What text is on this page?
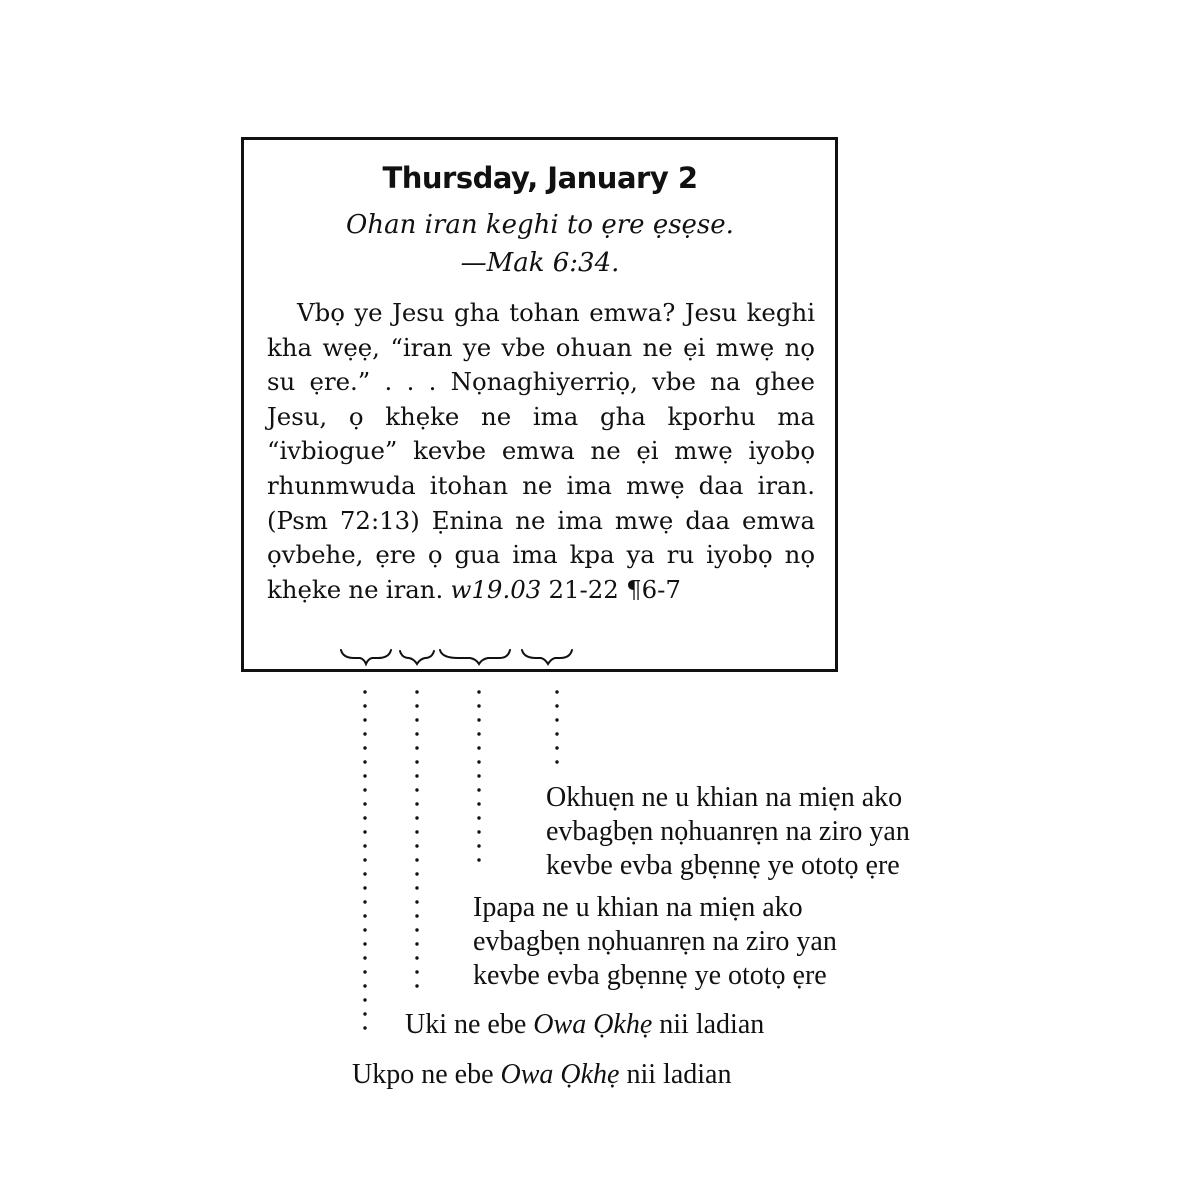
Thursday, January 2
Ohan iran keghi to ẹre ẹsẹse.
—Mak 6:34.

Vbọ ye Jesu gha tohan emwa? Jesu keghi kha wẹẹ, “iran ye vbe ohuan ne ẹi mwẹ nọ su ẹre.” . . . Nọnaghiyerriọ, vbe na ghee Jesu, ọ khẹke ne ima gha kporhu ma “ivbiogue” kevbe emwa ne ẹi mwẹ iyobọ rhunmwuda itohan ne ima mwẹ daa iran. (Psm 72:13) Ẹnina ne ima mwẹ daa emwa ọvbehe, ẹre ọ gua ima kpa ya ru iyobọ nọ khẹke ne iran. w19.03 21-22 ¶6-7

Okhuẹn ne u khian na miẹn ako
evbagbẹn nọhuanrẹn na ziro yan
kevbe evba gbẹnnẹ ye ototọ ẹre
Ipapa ne u khian na miẹn ako
evbagbẹn nọhuanrẹn na ziro yan
kevbe evba gbẹnnẹ ye ototọ ẹre
Uki ne ebe Owa Ọkhẹ nii ladian
Ukpo ne ebe Owa Ọkhẹ nii ladian
